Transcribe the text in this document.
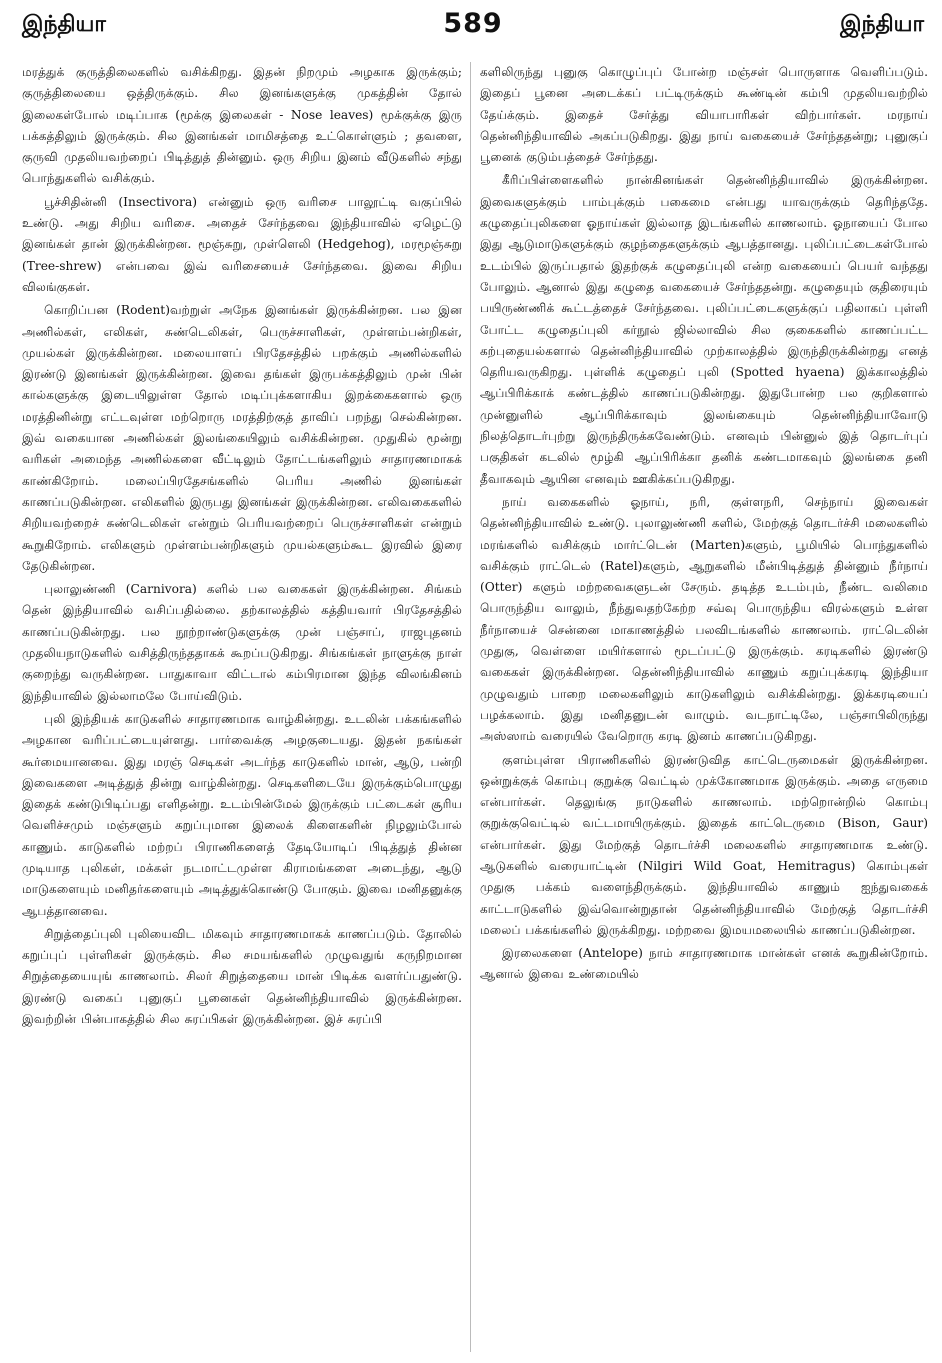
இந்தியா	589	இந்தியா

மரத்துக் குருத்திலைகளில் வசிக்கிறது. இதன் நிறமும் அழகாக இருக்கும்; குருத்திலையை ஒத்திருக்கும். சில இனங்களுக்கு முகத்தின் தோல் இலைகள்போல் மடிப்பாக (மூக்கு இலைகள் - Nose leaves) மூக்குக்கு இரு பக்கத்திலும் இருக்கும். சில இனங்கள் மாமிசத்தை உட்கொள்ளும் ; தவளை, குருவி முதலியவற்றைப் பிடித்துத் தின்னும். ஒரு சிறிய இனம் வீடுகளில் சந்து பொந்துகளில் வசிக்கும்.

பூச்சிதின்னி (Insectivora) என்னும் ஒரு வரிசை பாலூட்டி வகுப்பில் உண்டு. அது சிறிய வரிசை. அதைச் சேர்ந்தவை இந்தியாவில் ஏழெட்டு இனங்கள் தான் இருக்கின்றன. மூஞ்சுறு, முள்ளெலி (Hedgehog), மரமூஞ்சுறு (Tree-shrew) என்பவை இவ் வரிசையைச் சேர்ந்தவை. இவை சிறிய விலங்குகள்.

கொறிப்பன (Rodent)வற்றுள் அநேக இனங்கள் இருக்கின்றன. பல இன அணில்கள், எலிகள், சுண்டெலிகள், பெருச்சாளிகள், முள்ளம்பன்றிகள், முயல்கள் இருக்கின்றன. மலையாளப் பிரதேசத்தில் பறக்கும் அணில்களில் இரண்டு இனங்கள் இருக்கின்றன. இவை தங்கள் இருபக்கத்திலும் முன் பின் கால்களுக்கு இடையிலுள்ள தோல் மடிப்புக்களாகிய இறக்கைகளால் ஒரு மரத்தினின்று எட்டவுள்ள மற்றொரு மரத்திற்குத் தாவிப் பறந்து செல்கின்றன. இவ் வகையான அணில்கள் இலங்கையிலும் வசிக்கின்றன. முதுகில் மூன்று வரிகள் அமைந்த அணில்களை வீட்டிலும் தோட்டங்களிலும் சாதாரணமாகக் காண்கிறோம். மலைப்பிரதேசங்களில் பெரிய அணில் இனங்கள் காணப்படுகின்றன. எலிகளில் இருபது இனங்கள் இருக்கின்றன. எலிவகைகளில் சிறியவற்றைச் சுண்டெலிகள் என்றும் பெரியவற்றைப் பெருச்சாளிகள் என்றும் கூறுகிறோம். எலிகளும் முள்ளம்பன்றிகளும் முயல்களும்கூட இரவில் இரை தேடுகின்றன.

புலாலுண்ணி (Carnivora) களில் பல வகைகள் இருக்கின்றன. சிங்கம் தென் இந்தியாவில் வசிப்பதில்லை. தற்காலத்தில் கத்தியவார் பிரதேசத்தில் காணப்படுகின்றது. பல நூற்றாண்டுகளுக்கு முன் பஞ்சாப், ராஜபுதனம் முதலியநாடுகளில் வசித்திருந்ததாகக் கூறப்படுகிறது. சிங்கங்கள் நாளுக்கு நாள் குறைந்து வருகின்றன. பாதுகாவா விட்டால் கம்பிரமான இந்த விலங்கினம் இந்தியாவில் இல்லாமலே போய்விடும்.

புலி இந்தியக் காடுகளில் சாதாரணமாக வாழ்கின்றது. உடலின் பக்கங்களில் அழகான வரிப்பட்டையுள்ளது. பார்வைக்கு அழகுடையது. இதன் நகங்கள் கூர்மையானவை. இது மரஞ் செடிகள் அடர்ந்த காடுகளில் மான், ஆடு, பன்றி இவைகளை அடித்துத் தின்று வாழ்கின்றது. செடிகளிடையே இருக்கும்பொழுது இதைக் கண்டுபிடிப்பது எளிதன்று. உடம்பின்மேல் இருக்கும் பட்டைகள் சூரிய வெளிச்சமும் மஞ்சளும் கறுப்புமான இலைக் கிளைகளின் நிழலும்போல் காணும். காடுகளில் மற்றப் பிராணிகளைத் தேடியோடிப் பிடித்துத் தின்ன முடியாத புலிகள், மக்கள் நடமாட்டமுள்ள கிராமங்களை அடைந்து, ஆடு மாடுகளையும் மனிதர்களையும் அடித்துக்கொண்டு போகும். இவை மனிதனுக்கு ஆபத்தானவை.

சிறுத்தைப்புலி புலியைவிட மிகவும் சாதாரணமாகக் காணப்படும். தோலில் கறுப்புப் புள்ளிகள் இருக்கும். சில சமயங்களில் முழுவதுங் கருநிறமான சிறுத்தையையுங் காணலாம். சிலர் சிறுத்தையை மான் பிடிக்க வளர்ப்பதுண்டு. இரண்டு வகைப் புனுகுப் பூனைகள் தென்னிந்தியாவில் இருக்கின்றன. இவற்றின் பின்பாகத்தில் சில சுரப்பிகள் இருக்கின்றன. இச் சுரப்பி

களிலிருந்து புனுகு கொழுப்புப் போன்ற மஞ்சள் பொருளாக வெளிப்படும். இதைப் பூனை அடைக்கப் பட்டிருக்கும் கூண்டின் கம்பி முதலியவற்றில் தேய்க்கும். இதைச் சேர்த்து வியாபாரிகள் விற்பார்கள். மரநாய் தென்னிந்தியாவில் அகப்படுகிறது. இது நாய் வகையைச் சேர்ந்ததன்று; புனுகுப் பூனைக் குடும்பத்தைச் சேர்ந்தது.

கீரிப்பிள்ளைகளில் நான்கினங்கள் தென்னிந்தியாவில் இருக்கின்றன. இவைகளுக்கும் பாம்புக்கும் பகைமை என்பது யாவருக்கும் தெரிந்ததே. கழுதைப்புலிகளை ஓநாய்கள் இல்லாத இடங்களில் காணலாம். ஓநாயைப் போல இது ஆடுமாடுகளுக்கும் குழந்தைகளுக்கும் ஆபத்தானது. புலிப்பட்டைகள்போல் உடம்பில் இருப்பதால் இதற்குக் கழுதைப்புலி என்ற வகையைப் பெயர் வந்தது போலும். ஆனால் இது கழுதை வகையைச் சேர்ந்ததன்று. கழுதையும் குதிரையும் பயிருண்ணிக் கூட்டத்தைச் சேர்ந்தவை. புலிப்பட்டைகளுக்குப் பதிலாகப் புள்ளி போட்ட கழுதைப்புலி கர்நூல் ஜில்லாவில் சில குகைகளில் காணப்பட்ட கற்புதையல்களால் தென்னிந்தியாவில் முற்காலத்தில் இருந்திருக்கின்றது எனத் தெரியவருகிறது. புள்ளிக் கழுதைப் புலி (Spotted hyaena) இக்காலத்தில் ஆப்பிரிக்காக் கண்டத்தில் காணப்படுகின்றது. இதுபோன்ற பல குறிகளால் முன்னுளில் ஆப்பிரிக்காவும் இலங்கையும் தென்னிந்தியாவோடு நிலத்தொடர்புற்று இருந்திருக்கவேண்டும். எனவும் பின்னுல் இத் தொடர்புப் பகுதிகள் கடலில் மூழ்கி ஆப்பிரிக்கா தனிக் கண்டமாகவும் இலங்கை தனி தீவாகவும் ஆயின எனவும் ஊகிக்கப்படுகிறது.

நாய் வகைகளில் ஓநாய், நரி, குள்ளநரி, செந்நாய் இவைகள் தென்னிந்தியாவில் உண்டு. புலாலுண்ணி களில், மேற்குத் தொடர்ச்சி மலைகளில் மரங்களில் வசிக்கும் மார்ட்டென் (Marten)களும், பூமியில் பொந்துகளில் வசிக்கும் ராட்டெல் (Ratel)களும், ஆறுகளில் மீன்பிடித்துத் தின்னும் நீர்நாய் (Otter) களும் மற்றவைகளுடன் சேரும். தடித்த உடம்பும், நீண்ட வலிமை பொருந்திய வாலும், நீந்துவதற்கேற்ற சவ்வு பொருந்திய விரல்களும் உள்ள நீர்நாயைச் சென்னை மாகாணத்தில் பலவிடங்களில் காணலாம். ராட்டெலின் முதுகு, வெள்ளை மயிர்களால் மூடப்பட்டு இருக்கும். கரடிகளில் இரண்டு வகைகள் இருக்கின்றன. தென்னிந்தியாவில் காணும் கறுப்புக்கரடி இந்தியா முழுவதும் பாறை மலைகளிலும் காடுகளிலும் வசிக்கின்றது. இக்கரடியைப் பழக்கலாம். இது மனிதனுடன் வாழும். வடநாட்டிலே, பஞ்சாபிலிருந்து அஸ்ஸாம் வரையில் வேறொரு கரடி இனம் காணப்படுகிறது.

குளம்புள்ள பிராணிகளில் இரண்டுவித காட்டெருமைகள் இருக்கின்றன. ஒன்றுக்குக் கொம்பு குறுக்கு வெட்டில் முக்கோணமாக இருக்கும். அதை எருமை என்பார்கள். தெலுங்கு நாடுகளில் காணலாம். மற்றொன்றில் கொம்பு குறுக்குவெட்டில் வட்டமாயிருக்கும். இதைக் காட்டெருமை (Bison, Gaur) என்பார்கள். இது மேற்குத் தொடர்ச்சி மலைகளில் சாதாரணமாக உண்டு. ஆடுகளில் வரையாட்டின் (Nilgiri Wild Goat, Hemitragus) கொம்புகள் முதுகு பக்கம் வளைந்திருக்கும். இந்தியாவில் காணும் ஐந்துவகைக் காட்டாடுகளில் இவ்வொன்றுதான் தென்னிந்தியாவில் மேற்குத் தொடர்ச்சி மலைப் பக்கங்களில் இருக்கிறது. மற்றவை இமயமலையில் காணப்படுகின்றன.

இரலைகளை (Antelope) நாம் சாதாரணமாக மான்கள் எனக் கூறுகின்றோம். ஆனால் இவை உண்மையில்
